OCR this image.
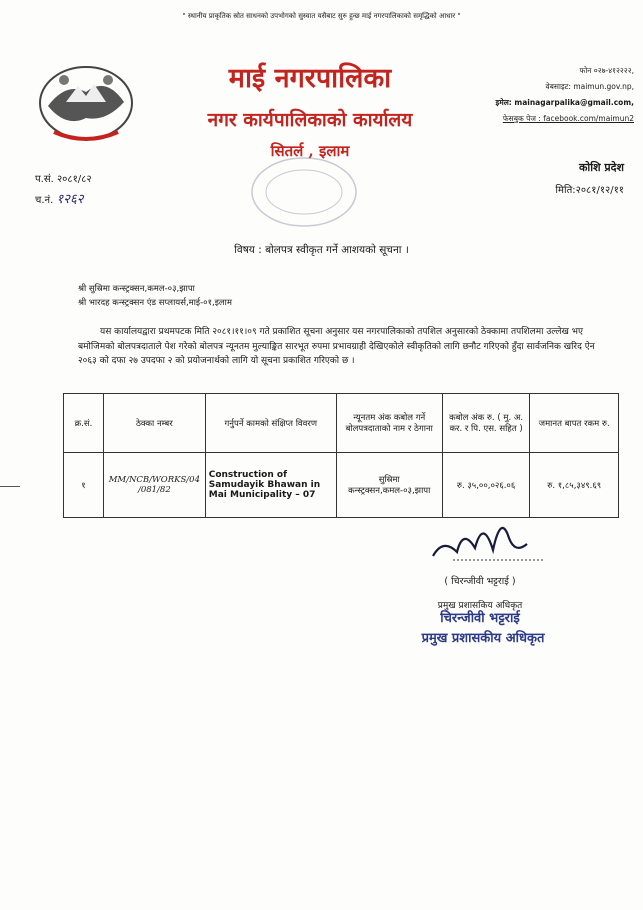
" स्थानीय प्राकृतिक स्रोत साधनको उपभोगको सुस्वात यसैबाट सुरु हुन्छ माई नगरपालिकाको समृद्धिको आधार "
माई नगरपालिका
नगर कार्यपालिकाको कार्यालय
सितर्ल , इलाम
फोन ०२७-४१२२२२,
वेबसाइट: maimun.gov.np,
इमेल: mainagarpalika@gmail.com,
फेसबुक पेज : facebook.com/maimun2
प.सं. २०८१/८२
च.नं. १२६२
कोशि प्रदेश
मिति:२०८१/१२/११
विषय : बोलपत्र स्वीकृत गर्ने आशयको सूचना ।
श्री सुस्रिमा कन्स्ट्रक्सन,कमल-०३,झापा
श्री भारदह कन्स्ट्रक्सन एंड सप्लायर्स,माई-०१,इलाम
यस कार्यालयद्वारा प्रथमपटक मिति २०८१।११।०९ गते प्रकाशित सूचना अनुसार यस नगरपालिकाको तपशिल अनुसारको ठेक्कामा तपशिलमा उल्लेख भए बमोजिमको बोलपत्रदाताले पेश गरेको बोलपत्र न्यूनतम मुल्याङ्कित सारभूत रुपमा प्रभावग्राही देखिएकोले स्वीकृतिको लागि छनौट गरिएको हुँदा सार्वजनिक खरिद ऐन २०६३ को दफा २७ उपदफा २ को प्रयोजनार्थको लागि यो सूचना प्रकाशित गरिएको छ ।
क्र.सं.	ठेक्का नम्बर	गर्नुपर्ने कामको संक्षिप्त विवरण	न्यूनतम अंक कबोल गर्ने बोलपत्रदाताको नाम र ठेगाना	कबोल अंक रु. ( मु. अ. कर. र पि. एस. सहित )	जमानत बापत रकम रु.
१	MM/NCB/WORKS/04 /081/82	Construction of Samudayik Bhawan in Mai Municipality – 07	सुस्रिमा कन्स्ट्रक्सन,कमल-०३,झापा	रु. ३५,००,०२६.०६	रु. १,८५,३४९.६९
( चिरन्जीवी भट्टराई )
प्रमुख प्रशासकिय अधिकृत
चिरन्जीवी भट्टराई
प्रमुख प्रशासकीय अधिकृत
